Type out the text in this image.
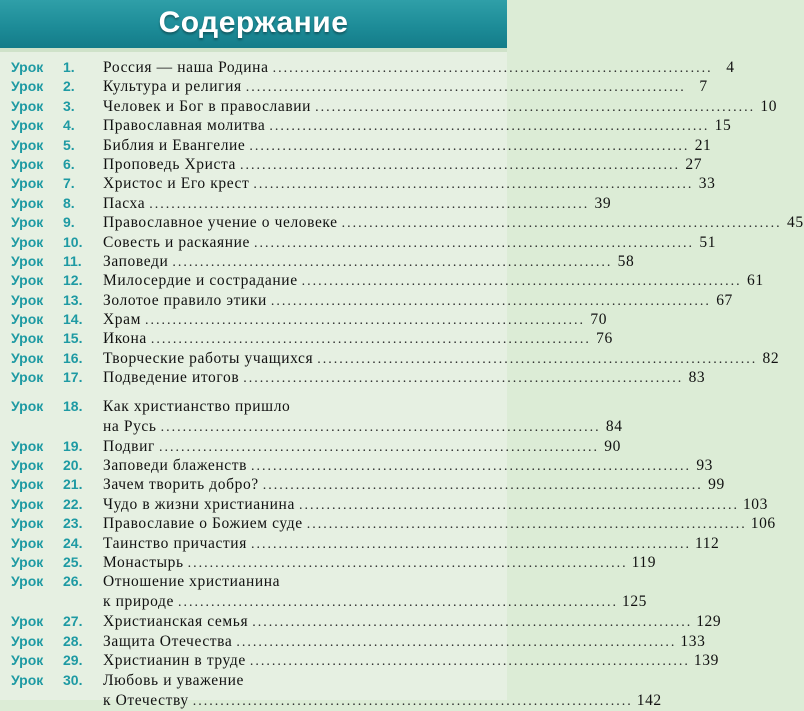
Содержание
Урок 1. Россия — наша Родина ................................................................................ 4
Урок 2. Культура и религия ................................................................................ 7
Урок 3. Человек и Бог в православии ................................................................................ 10
Урок 4. Православная молитва ................................................................................ 15
Урок 5. Библия и Евангелие ................................................................................ 21
Урок 6. Проповедь Христа ................................................................................ 27
Урок 7. Христос и Его крест ................................................................................ 33
Урок 8. Пасха ................................................................................ 39
Урок 9. Православное учение о человеке ................................................................................ 45
Урок 10. Совесть и раскаяние ................................................................................ 51
Урок 11. Заповеди ................................................................................ 58
Урок 12. Милосердие и сострадание ................................................................................ 61
Урок 13. Золотое правило этики ................................................................................ 67
Урок 14. Храм ................................................................................ 70
Урок 15. Икона ................................................................................ 76
Урок 16. Творческие работы учащихся ................................................................................ 82
Урок 17. Подведение итогов ................................................................................ 83
Урок 18. Как христианство пришло
на Русь ................................................................................ 84
Урок 19. Подвиг ................................................................................ 90
Урок 20. Заповеди блаженств ................................................................................ 93
Урок 21. Зачем творить добро? ................................................................................ 99
Урок 22. Чудо в жизни христианина ................................................................................ 103
Урок 23. Православие о Божием суде ................................................................................ 106
Урок 24. Таинство причастия ................................................................................ 112
Урок 25. Монастырь ................................................................................ 119
Урок 26. Отношение христианина
к природе ................................................................................ 125
Урок 27. Христианская семья ................................................................................ 129
Урок 28. Защита Отечества ................................................................................ 133
Урок 29. Христианин в труде ................................................................................ 139
Урок 30. Любовь и уважение
к Отечеству ................................................................................ 142
